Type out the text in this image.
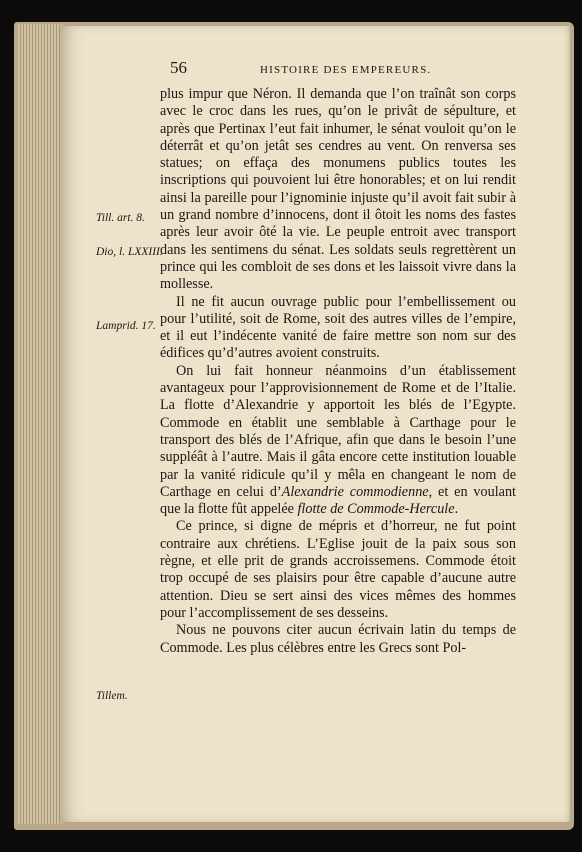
56	HISTOIRE DES EMPEREURS.

plus impur que Néron. Il demanda que l’on traînât son corps avec le croc dans les rues, qu’on le privât de sépulture, et après que Pertinax l’eut fait inhumer, le sénat vouloit qu’on le déterrât et qu’on jetât ses cendres au vent. On renversa ses statues; on effaça des monumens publics toutes les inscriptions qui pouvoient lui être honorables; et on lui rendit ainsi la pareille pour l’ignominie injuste qu’il avoit fait subir à un grand nombre d’innocens, dont il ôtoit les noms des fastes après leur avoir ôté la vie. Le peuple entroit avec transport dans les sentimens du sénat. Les soldats seuls regrettèrent un prince qui les combloit de ses dons et les laissoit vivre dans la mollesse.

Il ne fit aucun ouvrage public pour l’embellissement ou pour l’utilité, soit de Rome, soit des autres villes de l’empire, et il eut l’indécente vanité de faire mettre son nom sur des édifices qu’d’autres avoient construits.

On lui fait honneur néanmoins d’un établissement avantageux pour l’approvisionnement de Rome et de l’Italie. La flotte d’Alexandrie y apportoit les blés de l’Egypte. Commode en établit une semblable à Carthage pour le transport des blés de l’Afrique, afin que dans le besoin l’une suppléât à l’autre. Mais il gâta encore cette institution louable par la vanité ridicule qu’il y mêla en changeant le nom de Carthage en celui d’Alexandrie commodienne, et en voulant que la flotte fût appelée flotte de Commode-Hercule.

Ce prince, si digne de mépris et d’horreur, ne fut point contraire aux chrétiens. L’Eglise jouit de la paix sous son règne, et elle prit de grands accroissemens. Commode étoit trop occupé de ses plaisirs pour être capable d’aucune autre attention. Dieu se sert ainsi des vices mêmes des hommes pour l’accomplissement de ses desseins.

Nous ne pouvons citer aucun écrivain latin du temps de Commode. Les plus célèbres entre les Grecs sont Pol-

Till. art. 8.
Dio, l. LXXIII.
Lamprid. 17.
Tillem.
